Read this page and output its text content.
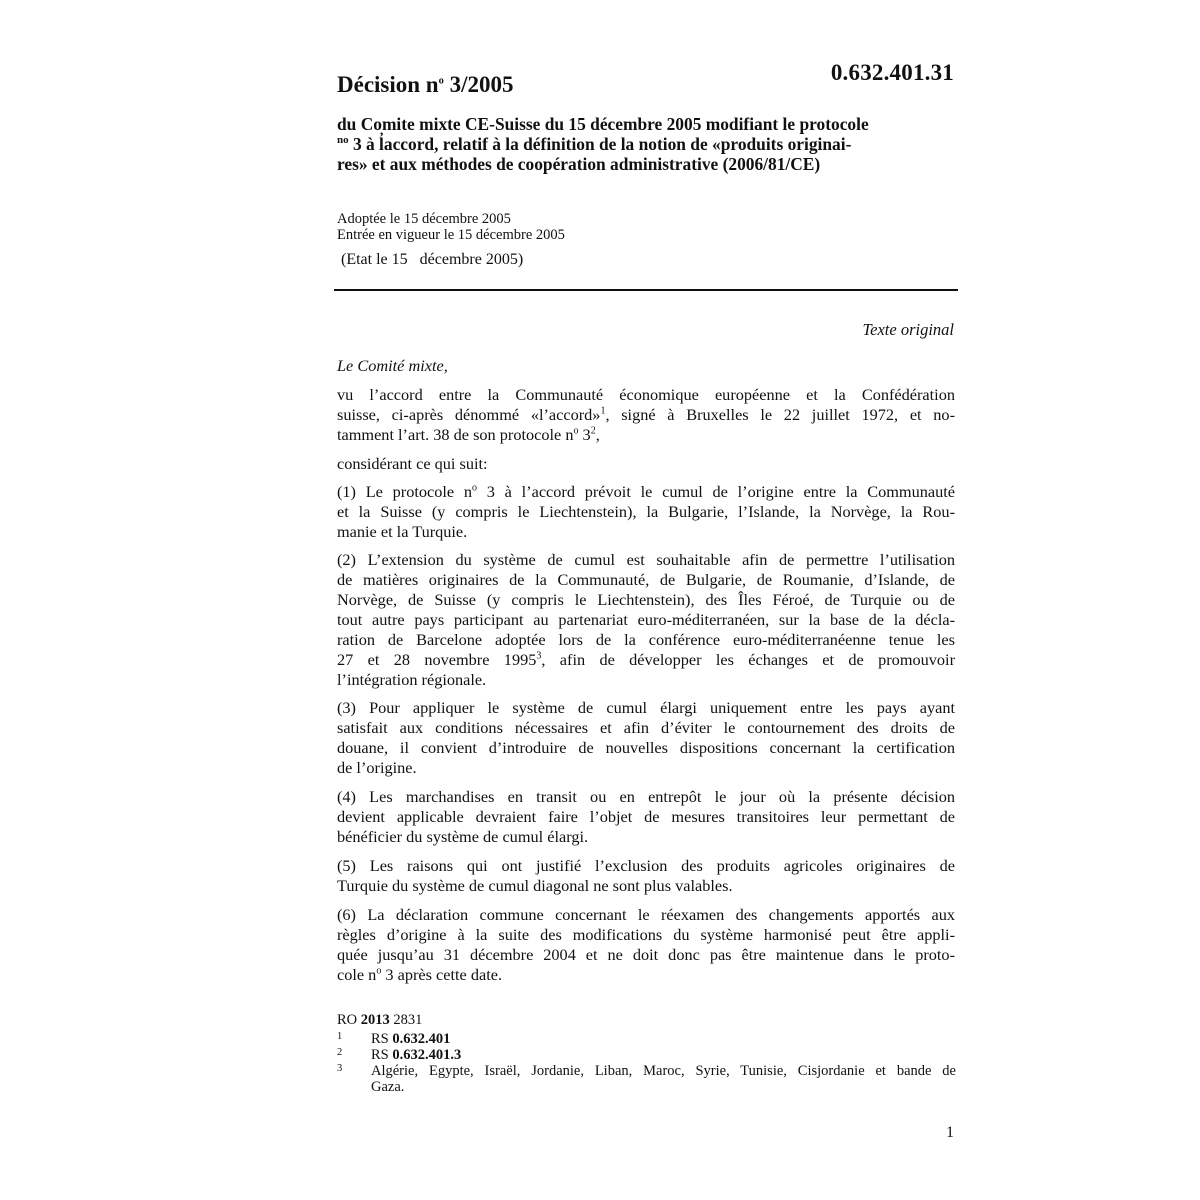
0.632.401.31
Décision $n^o$ 3/2005
du Comite mixte CE-Suisse du 15 décembre 2005 modifiant le protocole
$^{no}$ 3 à l̓accord, relatif à la définition de la notion de «produits originai-
res» et aux méthodes de coopération administrative (2006/81/CE)
Adoptée le 15 décembre 2005
Entrée en vigueur le 15 décembre 2005
(Etat le 15   décembre 2005)
Texte original
Le Comité mixte,
vu l’accord entre la Communauté économique européenne et la Confédération
suisse, ci-après dénommé «l’accord»$^1$, signé à Bruxelles le 22 juillet 1972, et no-
tamment l’art. 38 de son protocole $n^o$ $3^2$,
considérant ce qui suit:
(1) Le protocole $n^o$ 3 à l’accord prévoit le cumul de l’origine entre la Communauté
et la Suisse (y compris le Liechtenstein), la Bulgarie, l’Islande, la Norvège, la Rou-
manie et la Turquie.
(2) L’extension du système de cumul est souhaitable afin de permettre l’utilisation
de matières originaires de la Communauté, de Bulgarie, de Roumanie, d’Islande, de
Norvège, de Suisse (y compris le Liechtenstein), des Îles Féroé, de Turquie ou de
tout autre pays participant au partenariat euro-méditerranéen, sur la base de la décla-
ration de Barcelone adoptée lors de la conférence euro-méditerranéenne tenue les
27 et 28 novembre 1995$^3$, afin de développer les échanges et de promouvoir
l’intégration régionale.
(3) Pour appliquer le système de cumul élargi uniquement entre les pays ayant
satisfait aux conditions nécessaires et afin d’éviter le contournement des droits de
douane, il convient d’introduire de nouvelles dispositions concernant la certification
de l’origine.
(4) Les marchandises en transit ou en entrepôt le jour où la présente décision
devient applicable devraient faire l’objet de mesures transitoires leur permettant de
bénéficier du système de cumul élargi.
(5) Les raisons qui ont justifié l’exclusion des produits agricoles originaires de
Turquie du système de cumul diagonal ne sont plus valables.
(6) La déclaration commune concernant le réexamen des changements apportés aux
règles d’origine à la suite des modifications du système harmonisé peut être appli-
quée jusqu’au 31 décembre 2004 et ne doit donc pas être maintenue dans le proto-
cole $n^o$ 3 après cette date.
RO 2013 2831
1 RS 0.632.401
2 RS 0.632.401.3
3 Algérie, Egypte, Israël, Jordanie, Liban, Maroc, Syrie, Tunisie, Cisjordanie et bande de
Gaza.
1
